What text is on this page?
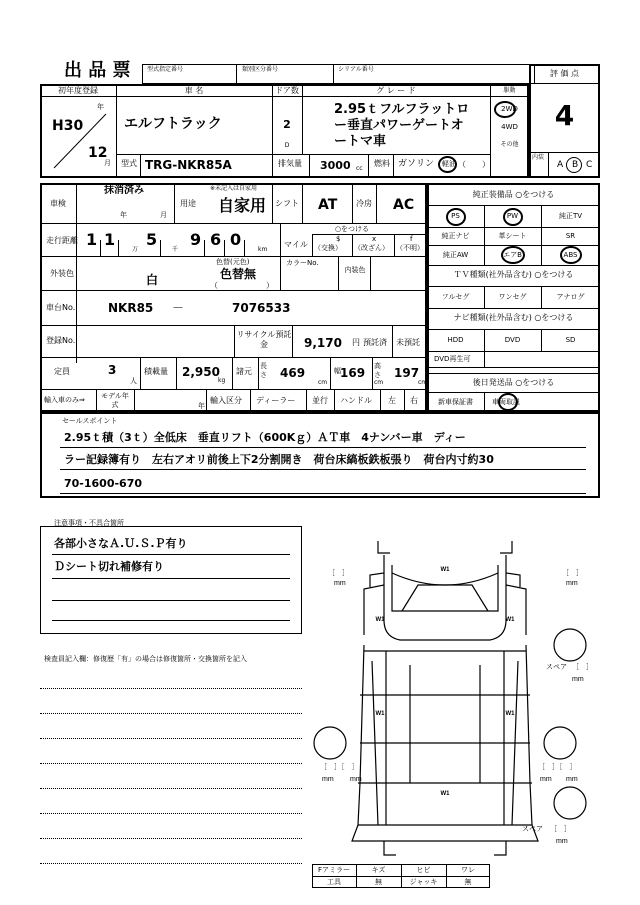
出 品 票	型式指定番号	類別区分番号	シリアル番号	評 価 点
4
内装
A B C
初年度登録
H30
年
12
月
車 名
エルフトラック
ドア数
2
D
グ レ ー ド
2.95ｔフルフラットロー垂直パワーゲートオートマ車
駆動
2WD
4WD
その他
型式 TRG-NKR85A	排気量 3000 cc
燃料 ガソリン 軽油 （　　）
車検
抹消済み
年	月
※未記入は自家用
用途 自家用 シフト AT 冷房 AC
走行距離 1 1 5 9 6 0
万	千	km
○をつける
マイル
$
（交換）
x
（改ざん）
f
（不明）
外装色
色替(元色)
色替無
白	（　　　　　　）
カラーNo.
内装色
車台No.	NKR85 －	7076533
登録No.
リサイクル預託金	9,170 円 預託済 未預託
定員	3
人
積載量 2,950
kg
諸元
長さ 469
cm
幅 169
cm
高さ 197
cm
輸入車のみ⇒ モデル年式	年
輸入区分 ディーラー 並行 ハンドル 左 右
純正装備品 ○をつける
PS	PW	純正TV
純正ナビ	革シート	SR
純正AW	エアB	ABS
ＴＶ種類(社外品含む) ○をつける
フルセグ	ワンセグ	アナログ
ナビ種類(社外品含む) ○をつける
HDD	DVD	SD
DVD再生可
後日発送品 ○をつける
新車保証書	車両取説
セールスポイント
2.95ｔ積（3ｔ）全低床　垂直リフト（600Kｇ）ＡＴ車　4ナンバー車　ディー
ラー記録簿有り　左右アオリ前後上下2分割開き　荷台床縞板鉄板張り　荷台内寸約30
70-1600-670
注意事項・不具合箇所
各部小さなＡ.Ｕ.Ｓ.Ｐ有り
Ｄシート切れ補修有り
検査員記入欄：修復歴「有」の場合は修復箇所・交換箇所を記入
W1
W1	W1
W1	W1
W1
［　］
mm
［　］
mm
［　］［　］
mm mm
［　］［　］
mm mm
スペア ［　］
mm
スペア ［　］
mm
Fアミラー	キズ	ヒビ	ワレ
工具	無	ジャッキ	無
